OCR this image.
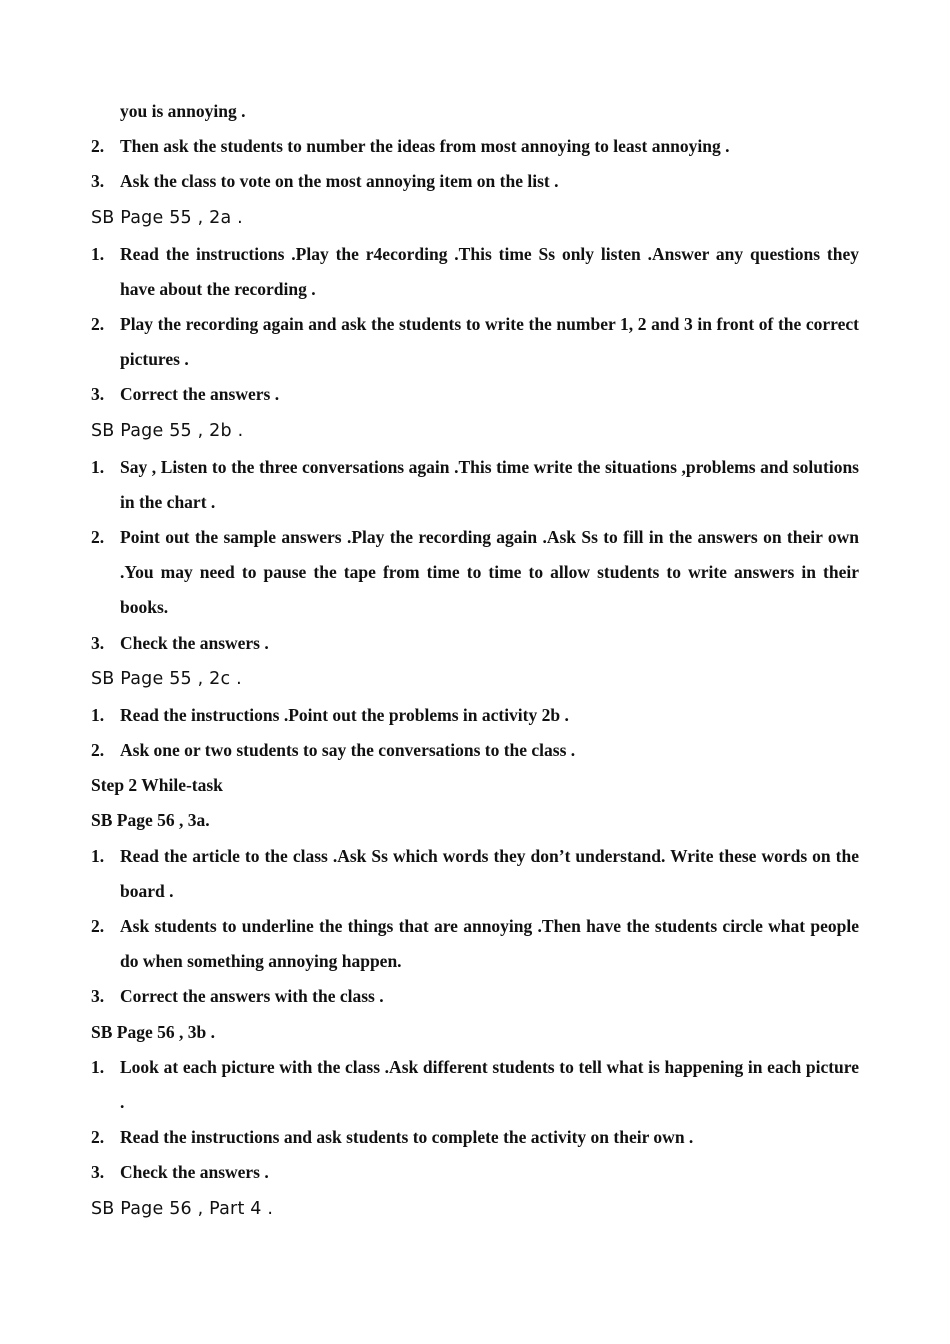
you is annoying .
2. Then ask the students to number the ideas from most annoying to least annoying .
3. Ask the class to vote on the most annoying item on the list .
SB Page 55 , 2a .
1. Read the instructions .Play the r4ecording .This time Ss only listen .Answer any questions they have about the recording .
2. Play the recording again and ask the students to write the number 1, 2 and 3 in front of the correct pictures .
3. Correct the answers .
SB Page 55 , 2b .
1. Say , Listen to the three conversations again .This time write the situations ,problems and solutions in the chart .
2. Point out the sample answers .Play the recording again .Ask Ss to fill in the answers on their own .You may need to pause the tape from time to time to allow students to write answers in their books.
3. Check the answers .
SB Page 55 , 2c .
1. Read the instructions .Point out the problems in activity 2b .
2. Ask one or two students to say the conversations to the class .
Step 2 While-task
SB Page 56 , 3a.
1. Read the article to the class .Ask Ss which words they don’t understand. Write these words on the board .
2. Ask students to underline the things that are annoying .Then have the students circle what people do when something annoying happen.
3. Correct the answers with the class .
SB Page 56 , 3b .
1. Look at each picture with the class .Ask different students to tell what is happening in each picture .
2. Read the instructions and ask students to complete the activity on their own .
3. Check the answers .
SB Page 56 , Part 4 .
